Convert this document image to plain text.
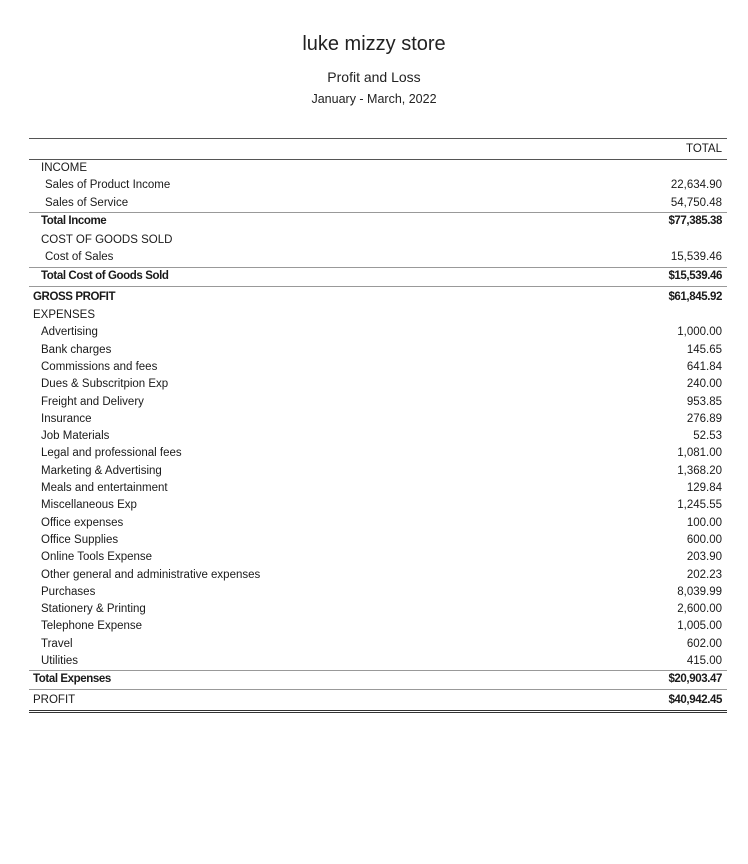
luke mizzy store
Profit and Loss
January - March, 2022
TOTAL
INCOME
Sales of Product Income	22,634.90
Sales of Service	54,750.48
Total Income	$77,385.38
COST OF GOODS SOLD
Cost of Sales	15,539.46
Total Cost of Goods Sold	$15,539.46
GROSS PROFIT	$61,845.92
EXPENSES
Advertising	1,000.00
Bank charges	145.65
Commissions and fees	641.84
Dues & Subscritpion Exp	240.00
Freight and Delivery	953.85
Insurance	276.89
Job Materials	52.53
Legal and professional fees	1,081.00
Marketing & Advertising	1,368.20
Meals and entertainment	129.84
Miscellaneous Exp	1,245.55
Office expenses	100.00
Office Supplies	600.00
Online Tools Expense	203.90
Other general and administrative expenses	202.23
Purchases	8,039.99
Stationery & Printing	2,600.00
Telephone Expense	1,005.00
Travel	602.00
Utilities	415.00
Total Expenses	$20,903.47
PROFIT	$40,942.45
